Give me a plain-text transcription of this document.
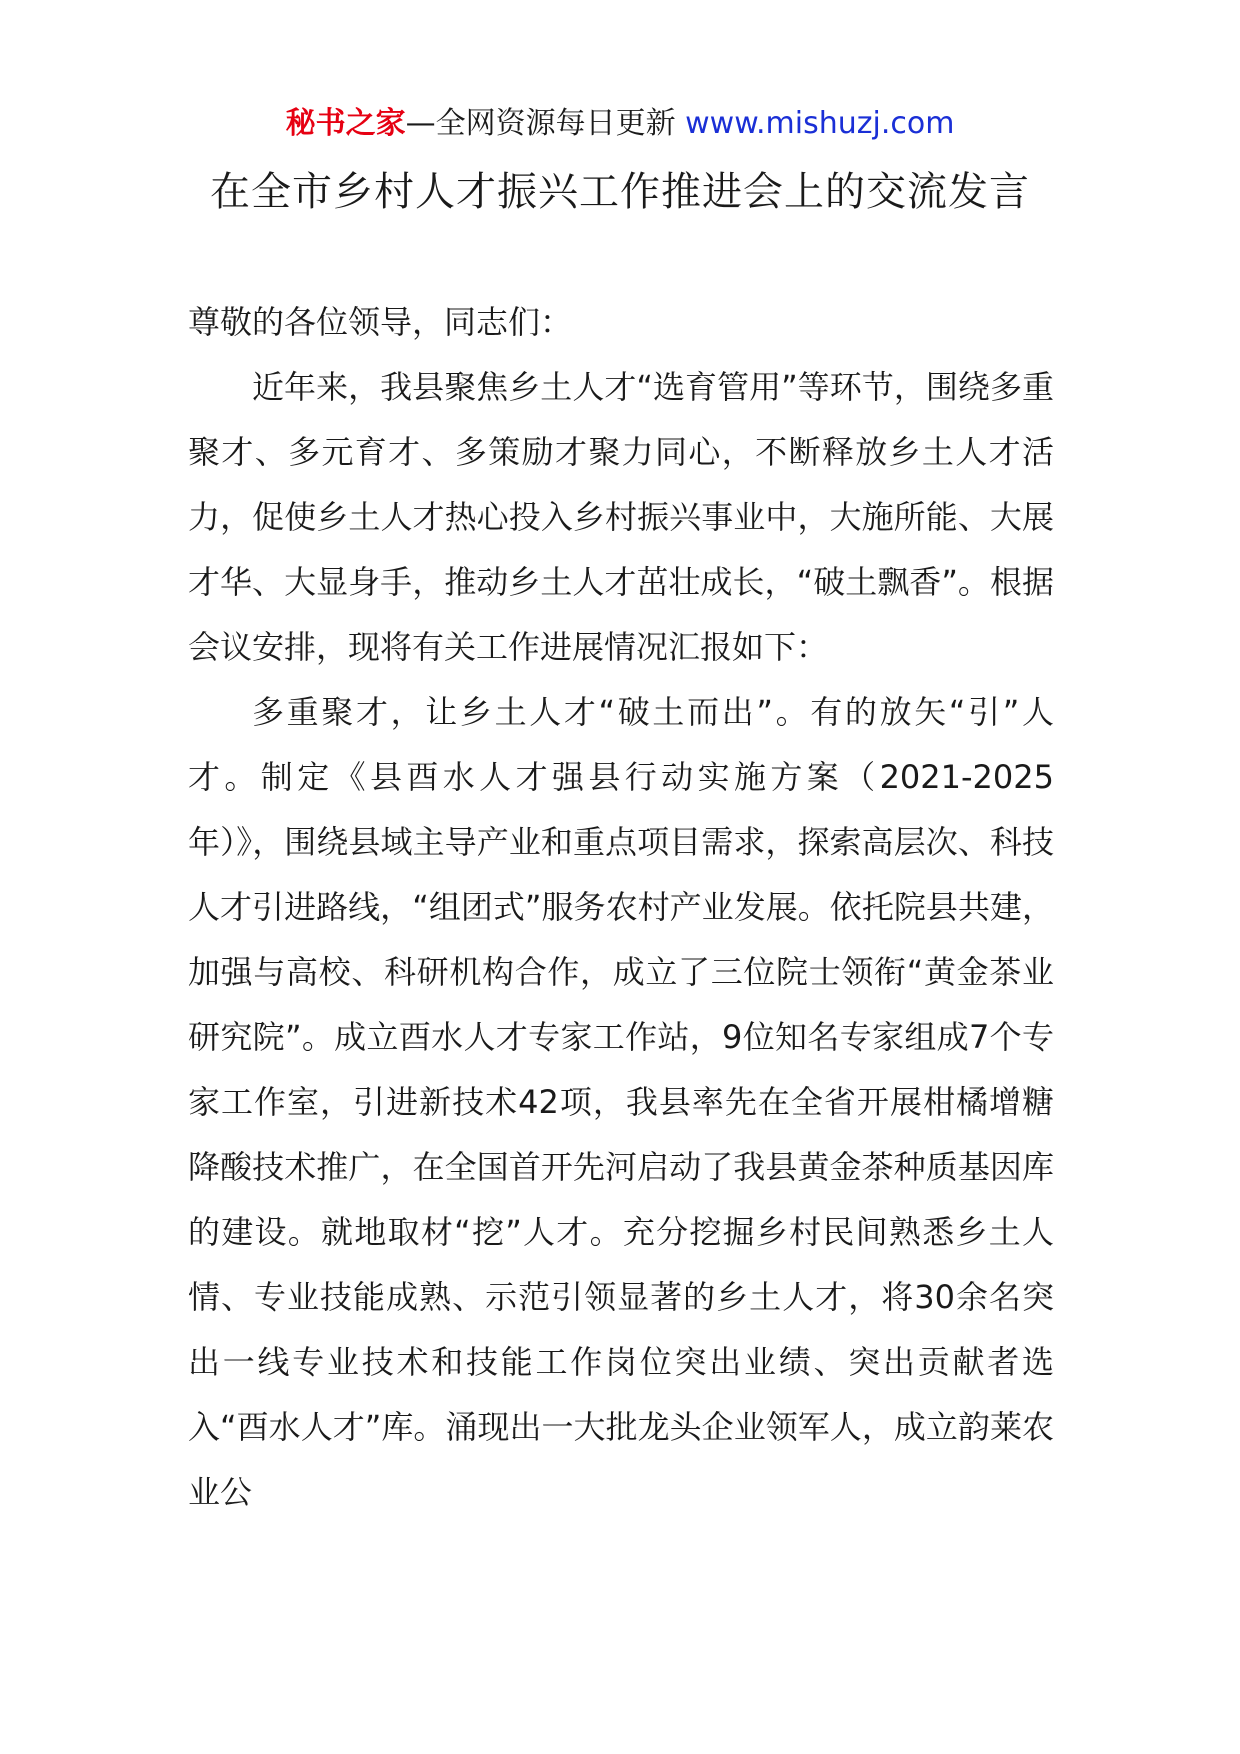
秘书之家—全网资源每日更新 www.mishuzj.com
在全市乡村人才振兴工作推进会上的交流发言

尊敬的各位领导，同志们：

近年来，我县聚焦乡土人才“选育管用”等环节，围绕多重聚才、多元育才、多策励才聚力同心，不断释放乡土人才活力，促使乡土人才热心投入乡村振兴事业中，大施所能、大展才华、大显身手，推动乡土人才茁壮成长，“破土飘香”。根据会议安排，现将有关工作进展情况汇报如下：

多重聚才，让乡土人才“破土而出”。有的放矢“引”人才。制定《县酉水人才强县行动实施方案（2021-2025年）》，围绕县域主导产业和重点项目需求，探索高层次、科技人才引进路线，“组团式”服务农村产业发展。依托院县共建，加强与高校、科研机构合作，成立了三位院士领衔“黄金茶业研究院”。成立酉水人才专家工作站，9位知名专家组成7个专家工作室，引进新技术42项，我县率先在全省开展柑橘增糖降酸技术推广，在全国首开先河启动了我县黄金茶种质基因库的建设。就地取材“挖”人才。充分挖掘乡村民间熟悉乡土人情、专业技能成熟、示范引领显著的乡土人才，将30余名突出一线专业技术和技能工作岗位突出业绩、突出贡献者选入“酉水人才”库。涌现出一大批龙头企业领军人，成立韵莱农业公
